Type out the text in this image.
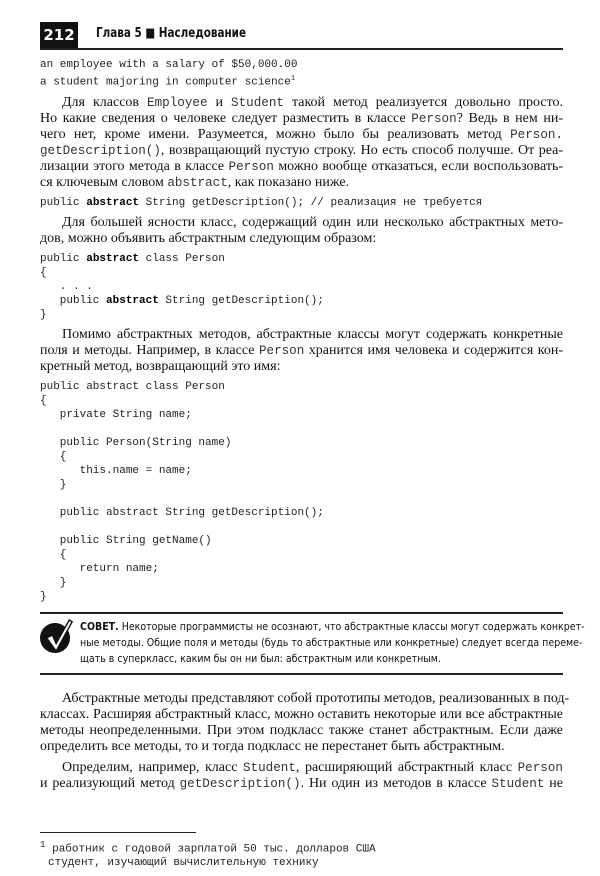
212 Глава 5 ■ Наследование
an employee with a salary of $50,000.00
a student majoring in computer science$^1$
Для классов Employee и Student такой метод реализуется довольно просто.
Но какие сведения о человеке следует разместить в классе Person? Ведь в нем ни-
чего нет, кроме имени. Разумеется, можно было бы реализовать метод Person.
getDescription(), возвращающий пустую строку. Но есть способ получше. От реа-
лизации этого метода в классе Person можно вообще отказаться, если воспользовать-
ся ключевым словом abstract, как показано ниже.
public abstract String getDescription(); // реализация не требуется
Для большей ясности класс, содержащий один или несколько абстрактных мето-
дов, можно объявить абстрактным следующим образом:
public abstract class Person
{
. . .
public abstract String getDescription();
}
Помимо абстрактных методов, абстрактные классы могут содержать конкретные
поля и методы. Например, в классе Person хранится имя человека и содержится кон-
кретный метод, возвращающий это имя:
public abstract class Person
{
private String name;

public Person(String name)
{
this.name = name;
}

public abstract String getDescription();

public String getName()
{
return name;
}
}
СОВЕТ. Некоторые программисты не осознают, что абстрактные классы могут содержать конкрет-
ные методы. Общие поля и методы (будь то абстрактные или конкретные) следует всегда переме-
щать в суперкласс, каким бы он ни был: абстрактным или конкретным.
Абстрактные методы представляют собой прототипы методов, реализованных в под-
классах. Расширяя абстрактный класс, можно оставить некоторые или все абстрактные
методы неопределенными. При этом подкласс также станет абстрактным. Если даже
определить все методы, то и тогда подкласс не перестанет быть абстрактным.
Определим, например, класс Student, расширяющий абстрактный класс Person
и реализующий метод getDescription(). Ни один из методов в классе Student не
$^1$ работник с годовой зарплатой 50 тыс. долларов США
студент, изучающий вычислительную технику
